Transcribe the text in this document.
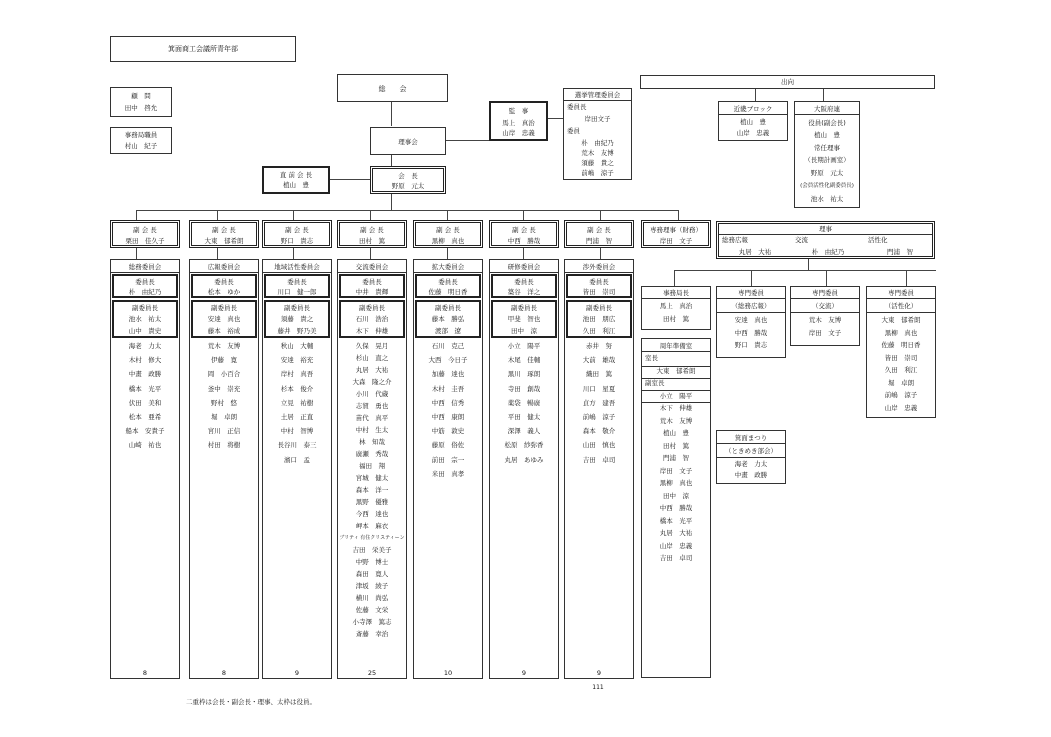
箕面商工会議所青年部
顧　問
田中　啓允
事務局職員
村山　紀子
総　　会
理事会
会　長
野原　元太
直 前 会 長
植山　豊
監　事
馬上　真治
山岸　忠義
選挙管理委員会
委員長
岸田文子
委員
朴　由紀乃
荒木　友博
須藤　貴之
前嶋　涼子
出向
近畿ブロック
植山　豊
山岸　忠義
大阪府連
役員(副会長)
植山　豊
常任理事
（長期計画室）
野原　元太
(会員活性化副委員長)
池水　祐太
理事
総務広報
丸居　大祐
交流
朴　由紀乃
活性化
門浦　智
副 会 長
栗田　佳久子
副 会 長
大東　郁希朗
副 会 長
野口　貴志
副 会 長
田村　篤
副 会 長
黒柳　真也
副 会 長
中西　勝哉
副 会 長
門浦　智
専務理事（財務）
岸田　文子
総務委員会
委員長
朴　由紀乃
副委員長
池水　祐太
山中　貴史
海老　力太
木村　修大
中畫　政勝
橋本　光平
伏田　美和
松本　亜希
船本　安貴子
山崎　祐也
8
広報委員会
委員長
松本　ゆか
副委員長
安達　真也
藤本　裕成
荒木　友博
伊藤　寛
岡　小百合
釜中　崇充
野村　悠
堀　卓朗
宮川　正信
村田　将樹
8
地域活性委員会
委員長
川口　健一郎
副委員長
須藤　貴之
藤井　野乃美
秋山　大輔
安達　裕充
岸村　真吾
杉本　俊介
立見　祐樹
土居　正直
中村　智博
長谷川　泰三
濱口　孟
9
交流委員会
委員長
中井　貴輝
副委員長
石川　浩治
木下　伸雄
久保　晃月
杉山　直之
丸居　大祐
大森　隆之介
小川　代蔵
志賀　勇也
苗代　真平
中村　生太
林　知哉
廣瀬　秀哉
福田　翔
宮城　健太
森本　洋一
黒野　優雅
今西　達也
岬本　麻衣
ブリティ 有住クリスティーン
吉田　栄美子
中野　博士
森田　寛人
津坂　綾子
横川　尚弘
佐藤　文栄
小寺澤　篤志
斎藤　幸治
25
拡大委員会
委員長
佐藤　明日香
副委員長
藤本　勝弘
渡部　遼
石川　克己
大西　今日子
加藤　達也
木村　圭吾
中西　信秀
中西　康朗
中筋　敦史
藤原　俗佐
前田　宗一
米田　真孝
10
研修委員会
委員長
築谷　洋之
副委員長
甲斐　智也
田中　涼
小立　陽平
木尾　佳輔
黒川　琢朗
寺田　創哉
薬袋　暢廣
平田　健太
深澤　義人
松原　紗弥香
丸居　あゆみ
9
渉外委員会
委員長
皆田　崇司
副委員長
池田　朋広
久田　利江
赤井　努
大前　雄哉
織田　篤
川口　星夏
貞方　建吾
前嶋　涼子
森本　敬介
山田　慎也
吉田　卓司
9
事務局長
馬上　真治
田村　篤
専門委員
（総務広報）
安達　真也
中西　勝哉
野口　貴志
専門委員
（交流）
荒木　友博
岸田　文子
専門委員
（活性化）
大東　郁希朗
黒柳　真也
佐藤　明日香
皆田　崇司
久田　利江
堀　卓朗
前嶋　涼子
山岸　忠義
周年準備室
室長
大東　郁希朗
副室長
小立　陽平
木下　伸雄
荒木　友博
植山　豊
田村　篤
門浦　智
岸田　文子
黒柳　真也
田中　涼
中西　勝哉
橋本　光平
丸居　大祐
山岸　忠義
吉田　卓司
箕面まつり
（ときめき部会）
海老　力太
中畫　政勝
111
二重枠は会長・副会長・理事、太枠は役員。
